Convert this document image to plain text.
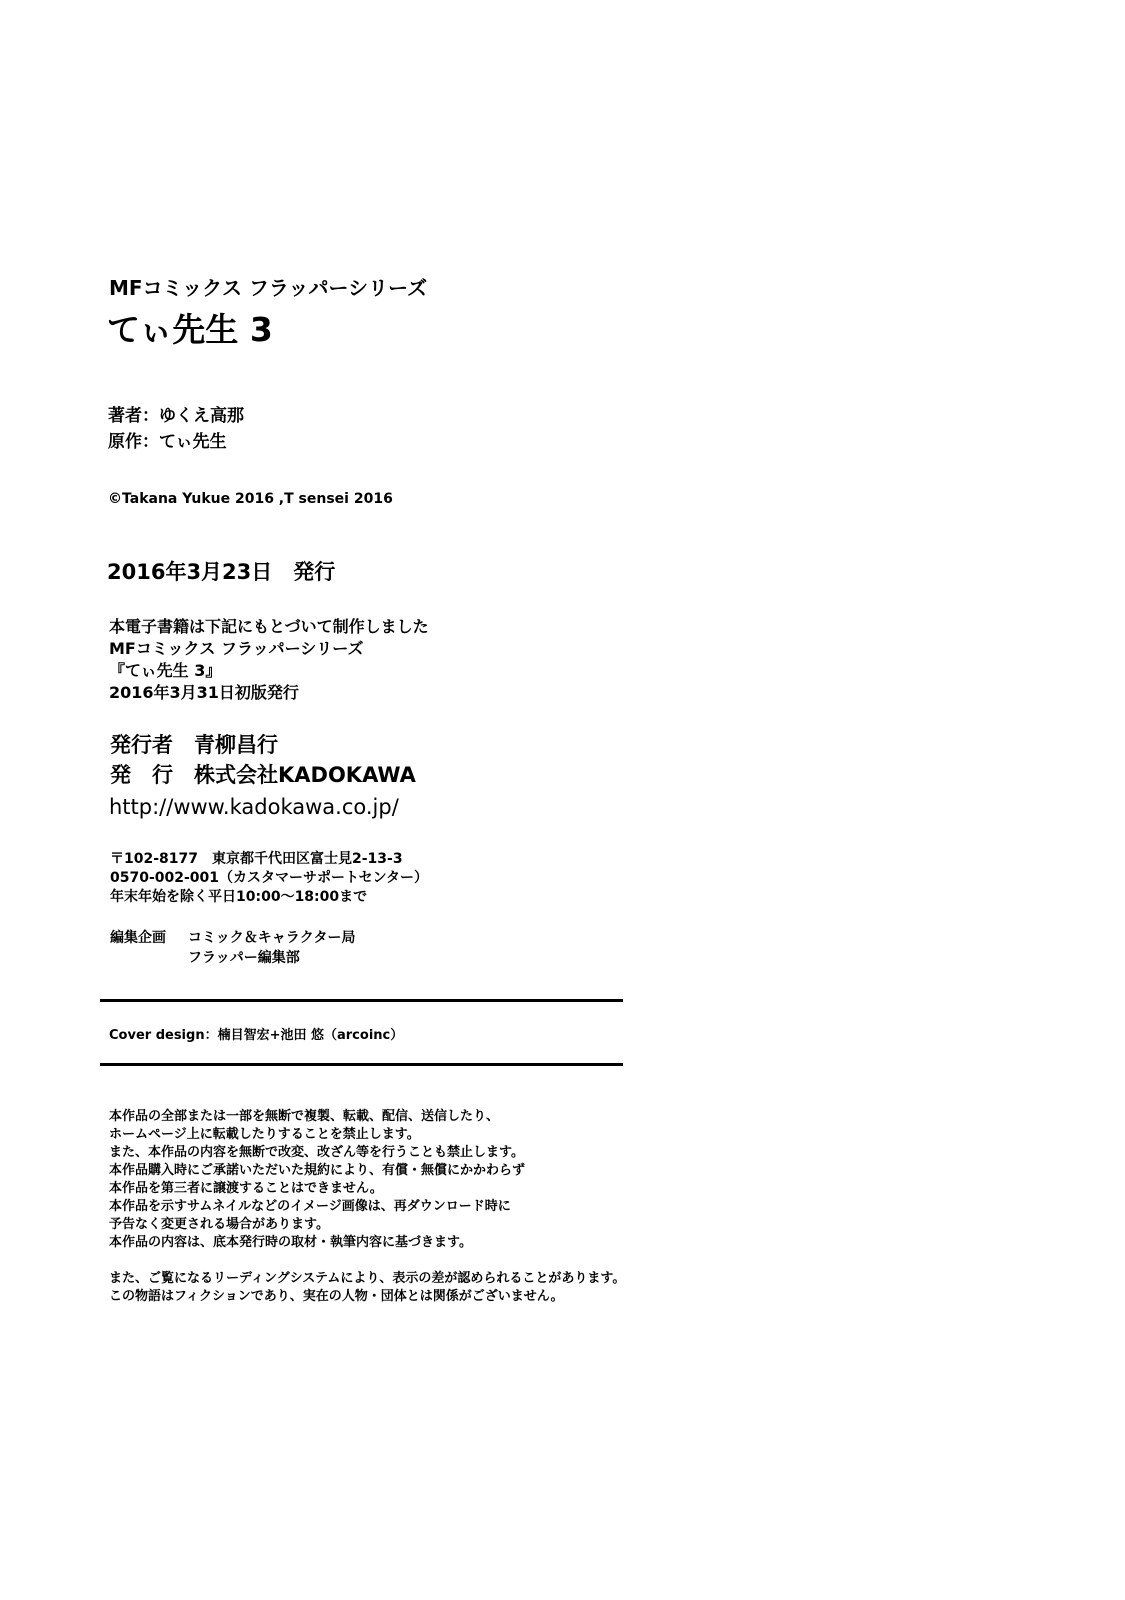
MFコミックス フラッパーシリーズ
てぃ先生 3
著者：ゆくえ高那
原作：てぃ先生
©Takana Yukue 2016 ,T sensei 2016
2016年3月23日　発行
本電子書籍は下記にもとづいて制作しました
MFコミックス フラッパーシリーズ
『てぃ先生 3』
2016年3月31日初版発行
発行者　青柳昌行
発　行　株式会社KADOKAWA
http://www.kadokawa.co.jp/
〒102-8177　東京都千代田区富士見2-13-3
0570-002-001（カスタマーサポートセンター）
年末年始を除く平日10:00～18:00まで
編集企画 コミック＆キャラクター局
フラッパー編集部
Cover design：楠目智宏+池田 悠（arcoinc）
本作品の全部または一部を無断で複製、転載、配信、送信したり、
ホームページ上に転載したりすることを禁止します。
また、本作品の内容を無断で改変、改ざん等を行うことも禁止します。
本作品購入時にご承諾いただいた規約により、有償・無償にかかわらず
本作品を第三者に譲渡することはできません。
本作品を示すサムネイルなどのイメージ画像は、再ダウンロード時に
予告なく変更される場合があります。
本作品の内容は、底本発行時の取材・執筆内容に基づきます。
また、ご覧になるリーディングシステムにより、表示の差が認められることがあります。
この物語はフィクションであり、実在の人物・団体とは関係がございません。
